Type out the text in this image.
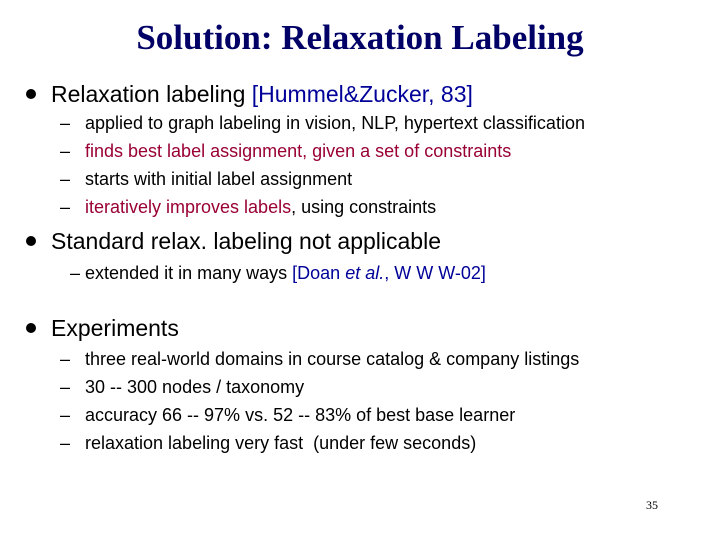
Solution: Relaxation Labeling
Relaxation labeling [Hummel&Zucker, 83]
– applied to graph labeling in vision, NLP, hypertext classification
– finds best label assignment, given a set of constraints
– starts with initial label assignment
– iteratively improves labels, using constraints
Standard relax. labeling not applicable
– extended it in many ways [Doan et al., W W W-02]
Experiments
– three real-world domains in course catalog & company listings
– 30 -- 300 nodes / taxonomy
– accuracy 66 -- 97% vs. 52 -- 83% of best base learner
– relaxation labeling very fast  (under few seconds)
35
